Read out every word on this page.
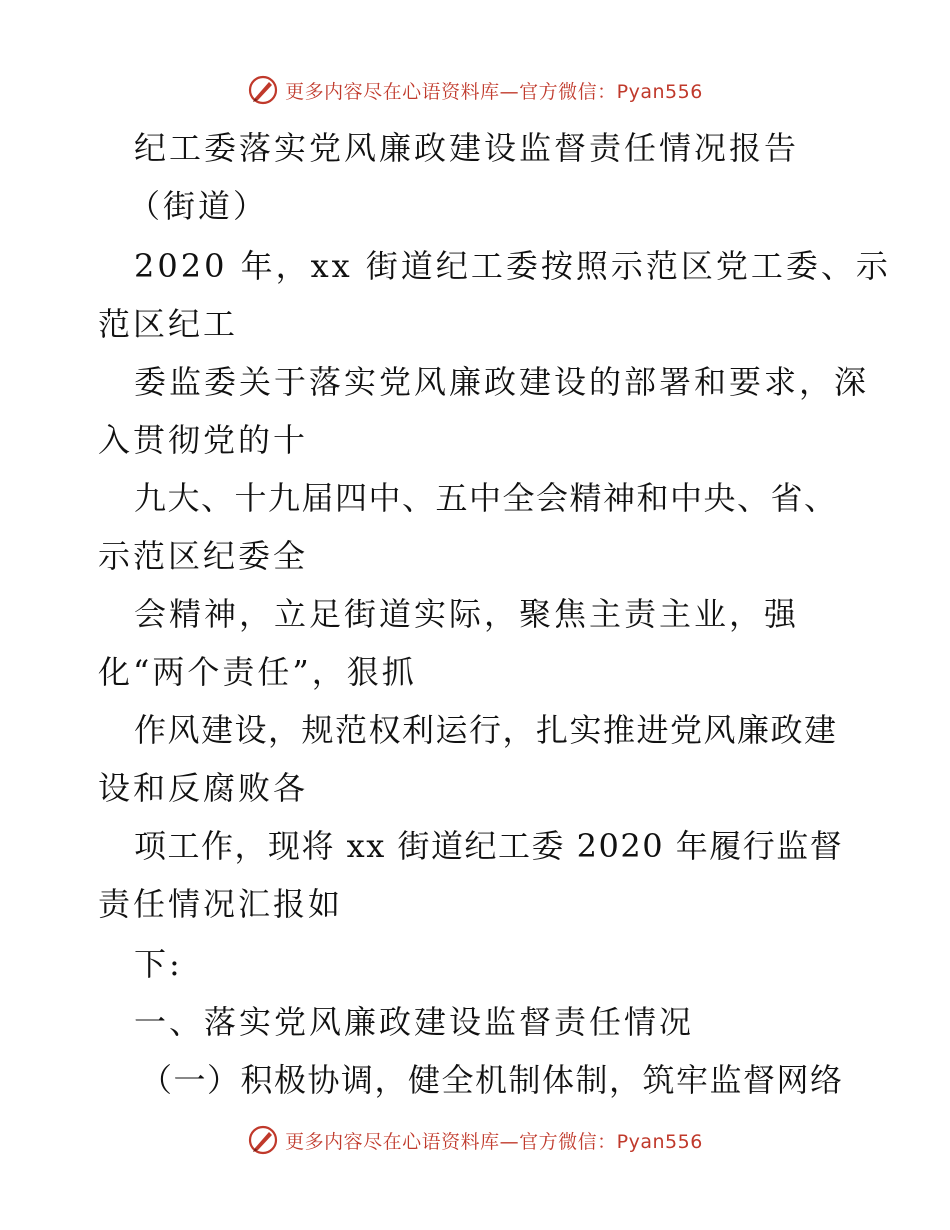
更多内容尽在心语资料库—官方微信：Pyan556
纪工委落实党风廉政建设监督责任情况报告
（街道）
2020 年，xx 街道纪工委按照示范区党工委、示
范区纪工
委监委关于落实党风廉政建设的部署和要求，深
入贯彻党的十
九大、十九届四中、五中全会精神和中央、省、
示范区纪委全
会精神，立足街道实际，聚焦主责主业，强
化“两个责任”，狠抓
作风建设，规范权利运行，扎实推进党风廉政建
设和反腐败各
项工作，现将 xx 街道纪工委 2020 年履行监督
责任情况汇报如
下:
一、落实党风廉政建设监督责任情况
（一）积极协调，健全机制体制，筑牢监督网络
更多内容尽在心语资料库—官方微信：Pyan556
